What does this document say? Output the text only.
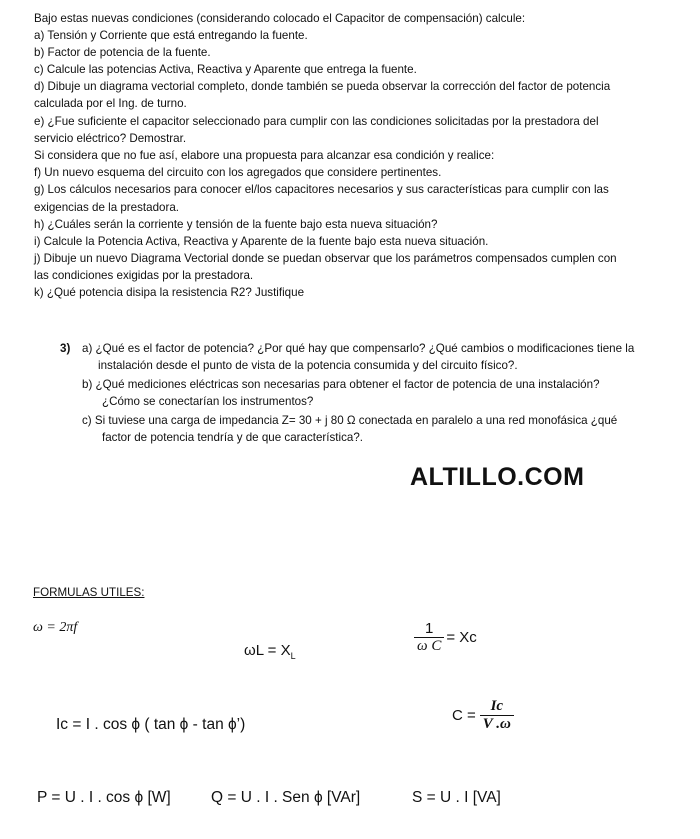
Bajo estas nuevas condiciones (considerando colocado el Capacitor de compensación) calcule:
a) Tensión y Corriente que está entregando la fuente.
b) Factor de potencia de la fuente.
c) Calcule las potencias Activa, Reactiva y Aparente que entrega la fuente.
d) Dibuje un diagrama vectorial completo, donde también se pueda observar la corrección del factor de potencia
calculada por el Ing. de turno.
e) ¿Fue suficiente el capacitor seleccionado para cumplir con las condiciones solicitadas por la prestadora del
servicio eléctrico? Demostrar.
Si considera que no fue así, elabore una propuesta para alcanzar esa condición y realice:
f) Un nuevo esquema del circuito con los agregados que considere pertinentes.
g) Los cálculos necesarios para conocer el/los capacitores necesarios y sus características para cumplir con las
exigencias de la prestadora.
h) ¿Cuáles serán la corriente y tensión de la fuente bajo esta nueva situación?
i) Calcule la Potencia Activa, Reactiva y Aparente de la fuente bajo esta nueva situación.
j) Dibuje un nuevo Diagrama Vectorial donde se puedan observar que los parámetros compensados cumplen con
las condiciones exigidas por la prestadora.
k) ¿Qué potencia disipa la resistencia R2? Justifique
3) a) ¿Qué es el factor de potencia? ¿Por qué hay que compensarlo? ¿Qué cambios o modificaciones tiene la
instalación desde el punto de vista de la potencia consumida y del circuito físico?.
b) ¿Qué mediciones eléctricas son necesarias para obtener el factor de potencia de una instalación?
¿Cómo se conectarían los instrumentos?
c) Si tuviese una carga de impedancia Z= 30 + j 80 Ω conectada en paralelo a una red monofásica ¿qué
factor de potencia tendría y de que característica?.
ALTILLO.COM
FORMULAS UTILES:
ω = 2πf
$\omega L = X_L$
$\frac{1}{\text{ω C}} = Xc$
Ic = I . cos ϕ ( tan ϕ - tan ϕ’)
$C = \frac{Ic}{V .\omega}$
P = U . I . cos ϕ [W]	Q = U . I . Sen ϕ [VAr]	S = U . I [VA]
